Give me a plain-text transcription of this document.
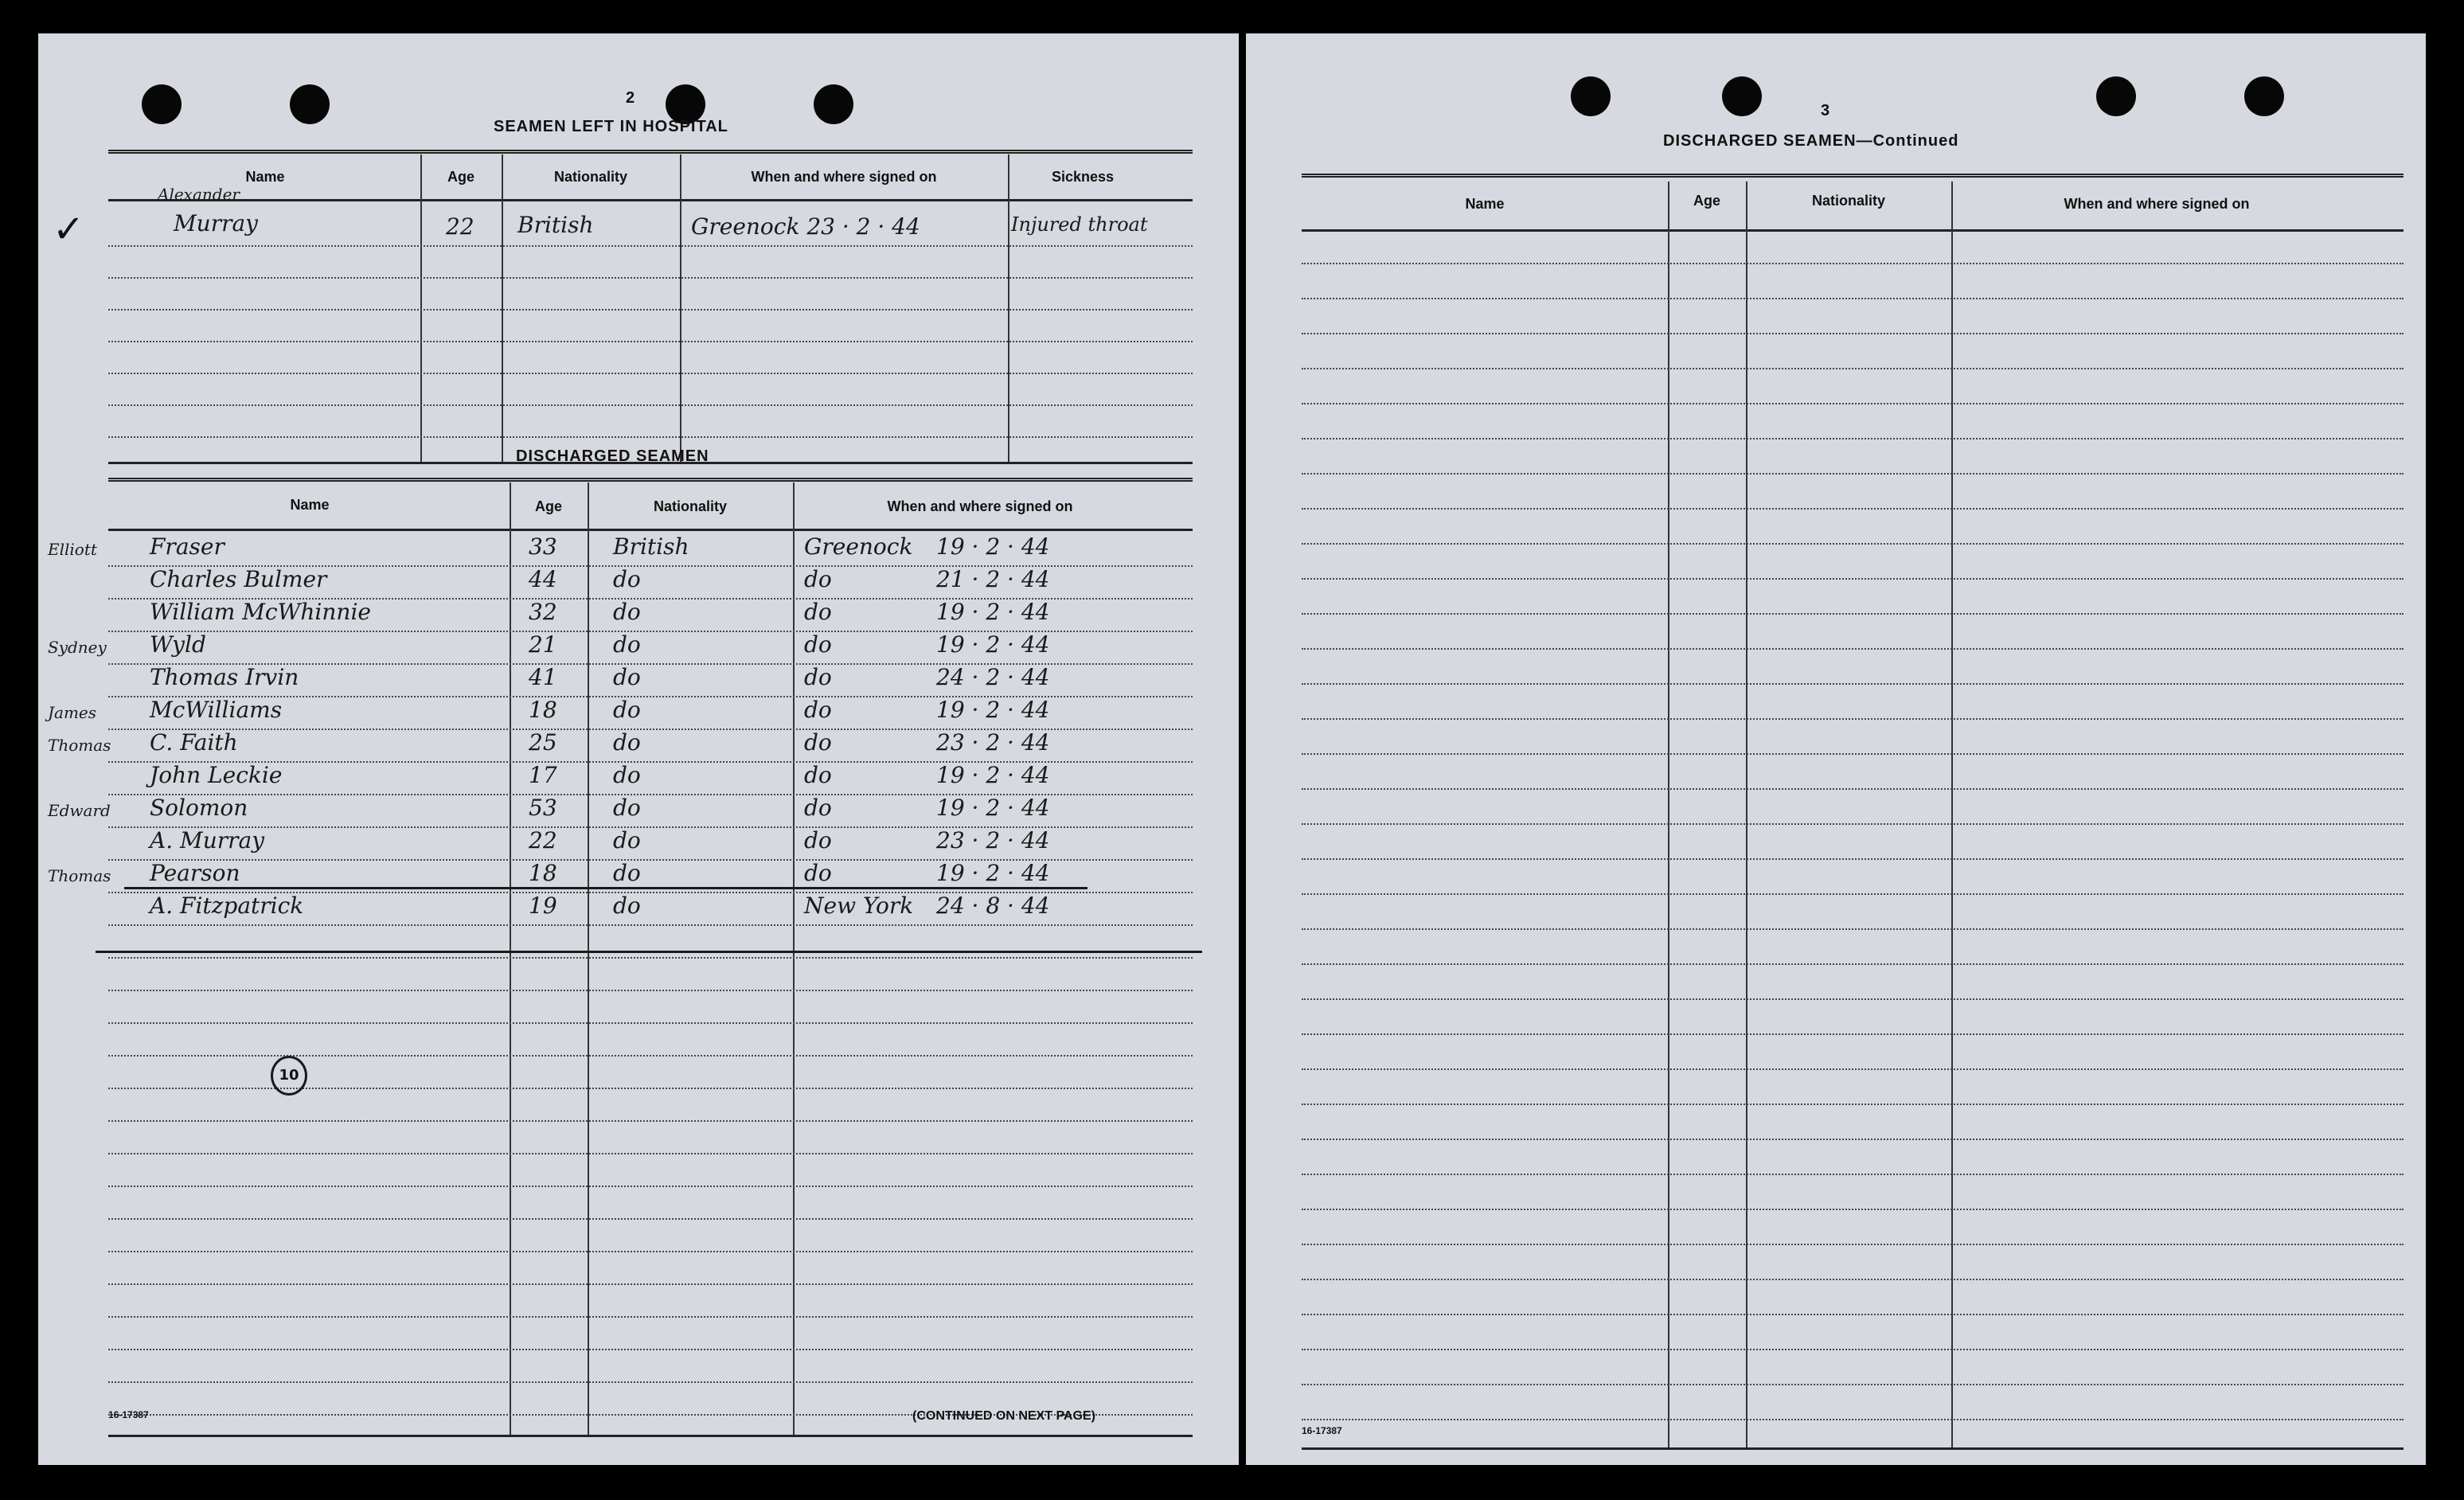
2
SEAMEN LEFT IN HOSPITAL
Name	Age	Nationality	When and where signed on	Sickness
✓
Alexander
Murray	22 British	Greenock 23 · 2 · 44	Injured throat
DISCHARGED SEAMEN
Name	Age	Nationality	When and where signed on
Elliott Fraser	33	British	Greenock 19 · 2 · 44
Charles Bulmer	44	do	do	21 · 2 · 44
William McWhinnie	32	do	do	19 · 2 · 44
Sydney Wyld	21	do	do	19 · 2 · 44
Thomas Irvin	41	do	do	24 · 2 · 44
James McWilliams	18	do	do	19 · 2 · 44
Thomas C. Faith	25	do	do	23 · 2 · 44
John Leckie	17	do	do	19 · 2 · 44
Edward Solomon	53	do	do	19 · 2 · 44
A. Murray	22	do	do	23 · 2 · 44
Thomas Pearson	18	do	do	19 · 2 · 44
A. Fitzpatrick	19	do	New York 24 · 8 · 44
10
16-17387	(CONTINUED ON NEXT PAGE)
3
DISCHARGED SEAMEN—Continued
Name	Age	Nationality	When and where signed on
16-17387
